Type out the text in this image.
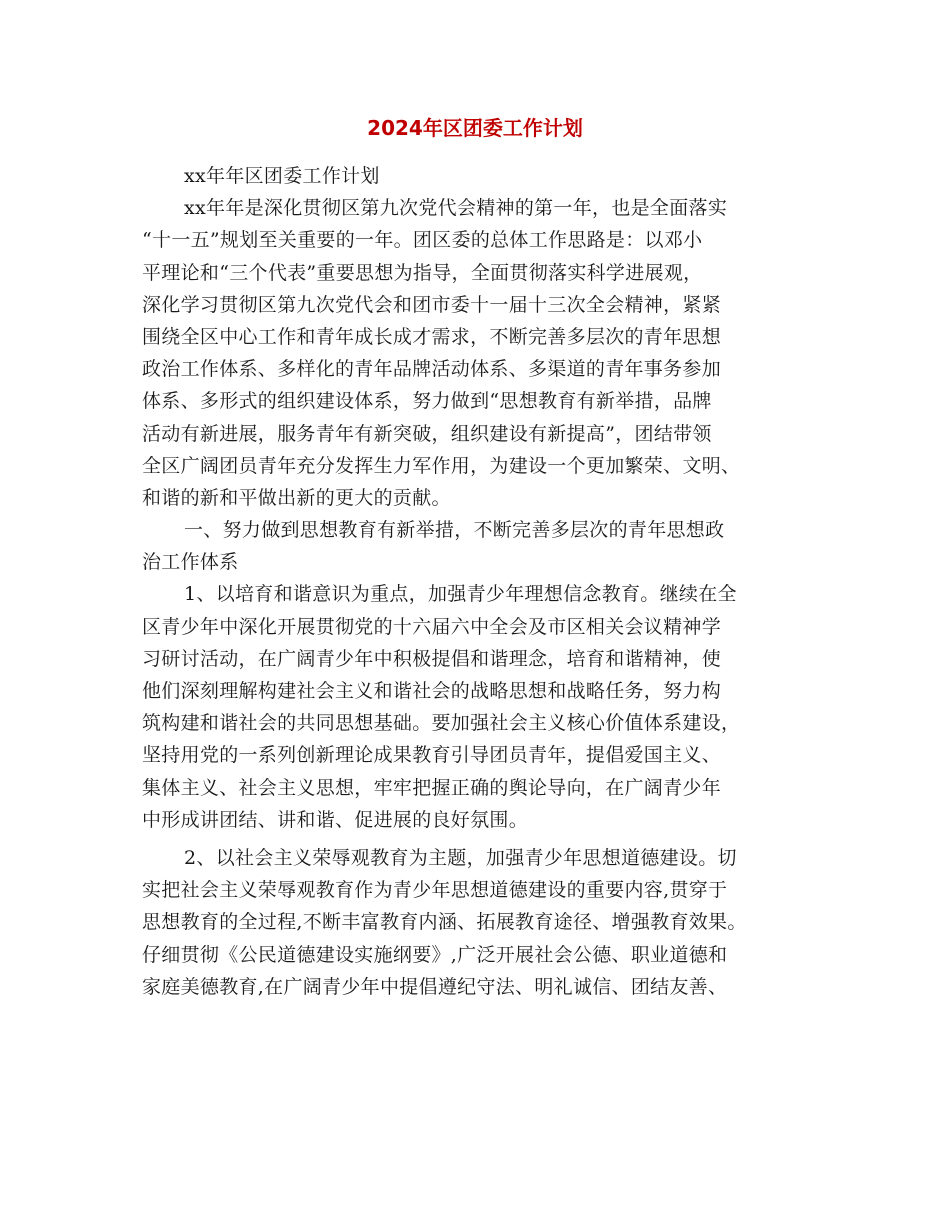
2024年区团委工作计划
xx年年区团委工作计划
xx年年是深化贯彻区第九次党代会精神的第一年，也是全面落实
“十一五”规划至关重要的一年。团区委的总体工作思路是：以邓小
平理论和“三个代表”重要思想为指导，全面贯彻落实科学进展观，
深化学习贯彻区第九次党代会和团市委十一届十三次全会精神，紧紧
围绕全区中心工作和青年成长成才需求，不断完善多层次的青年思想
政治工作体系、多样化的青年品牌活动体系、多渠道的青年事务参加
体系、多形式的组织建设体系，努力做到“思想教育有新举措，品牌
活动有新进展，服务青年有新突破，组织建设有新提高”，团结带领
全区广阔团员青年充分发挥生力军作用，为建设一个更加繁荣、文明、
和谐的新和平做出新的更大的贡献。
一、努力做到思想教育有新举措，不断完善多层次的青年思想政
治工作体系
1、以培育和谐意识为重点，加强青少年理想信念教育。继续在全
区青少年中深化开展贯彻党的十六届六中全会及市区相关会议精神学
习研讨活动，在广阔青少年中积极提倡和谐理念，培育和谐精神，使
他们深刻理解构建社会主义和谐社会的战略思想和战略任务，努力构
筑构建和谐社会的共同思想基础。要加强社会主义核心价值体系建设，
坚持用党的一系列创新理论成果教育引导团员青年，提倡爱国主义、
集体主义、社会主义思想，牢牢把握正确的舆论导向，在广阔青少年
中形成讲团结、讲和谐、促进展的良好氛围。
2、以社会主义荣辱观教育为主题，加强青少年思想道德建设。切
实把社会主义荣辱观教育作为青少年思想道德建设的重要内容,贯穿于
思想教育的全过程,不断丰富教育内涵、拓展教育途径、增强教育效果。
仔细贯彻《公民道德建设实施纲要》,广泛开展社会公德、职业道德和
家庭美德教育,在广阔青少年中提倡遵纪守法、明礼诚信、团结友善、
